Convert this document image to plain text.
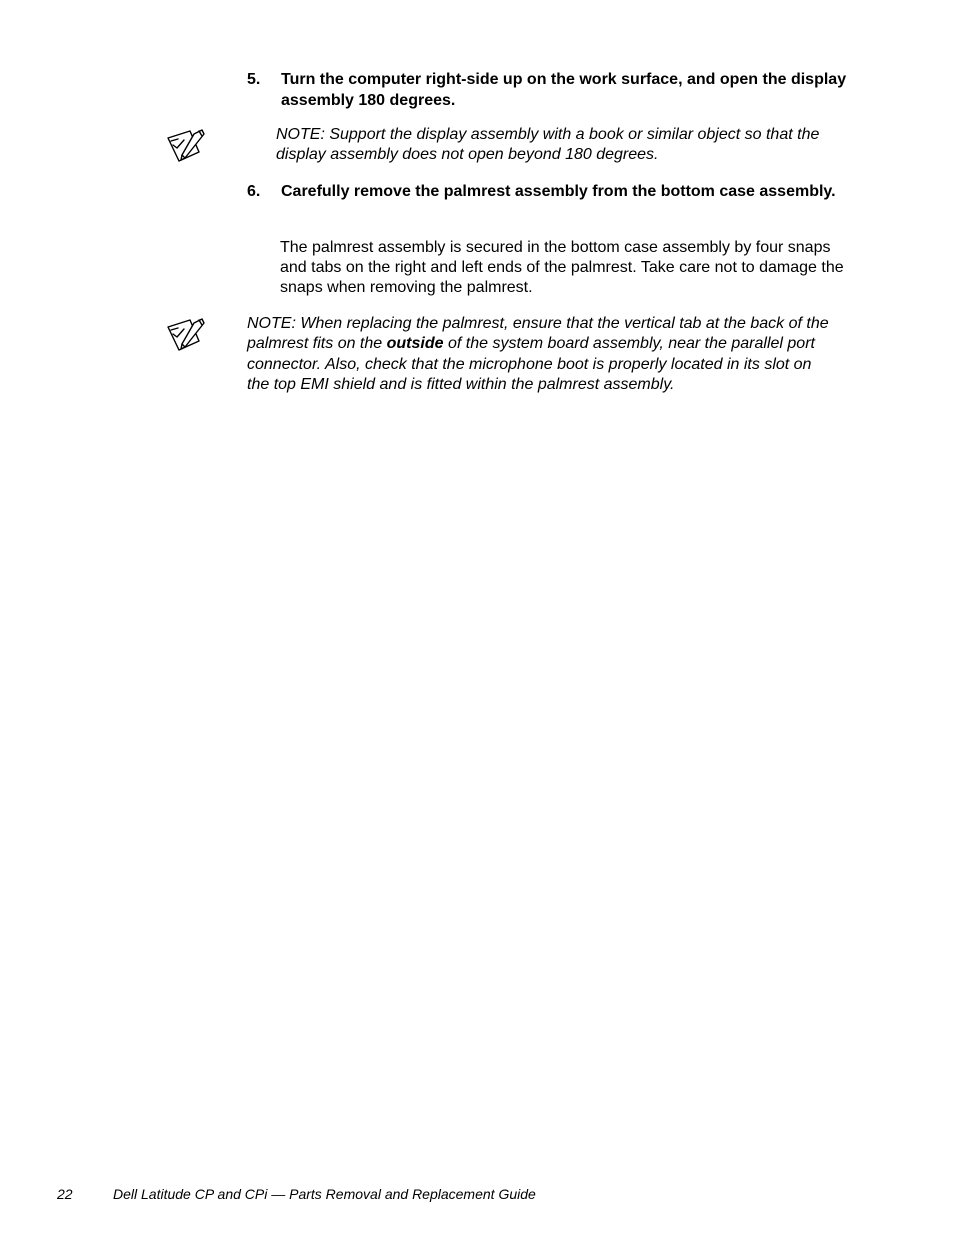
5. Turn the computer right-side up on the work surface, and open the display assembly 180 degrees.
NOTE: Support the display assembly with a book or similar object so that the display assembly does not open beyond 180 degrees.
6. Carefully remove the palmrest assembly from the bottom case assembly.
The palmrest assembly is secured in the bottom case assembly by four snaps and tabs on the right and left ends of the palmrest. Take care not to damage the snaps when removing the palmrest.
NOTE: When replacing the palmrest, ensure that the vertical tab at the back of the palmrest fits on the outside of the system board assembly, near the parallel port connector. Also, check that the microphone boot is properly located in its slot on the top EMI shield and is fitted within the palmrest assembly.
22	Dell Latitude CP and CPi — Parts Removal and Replacement Guide
